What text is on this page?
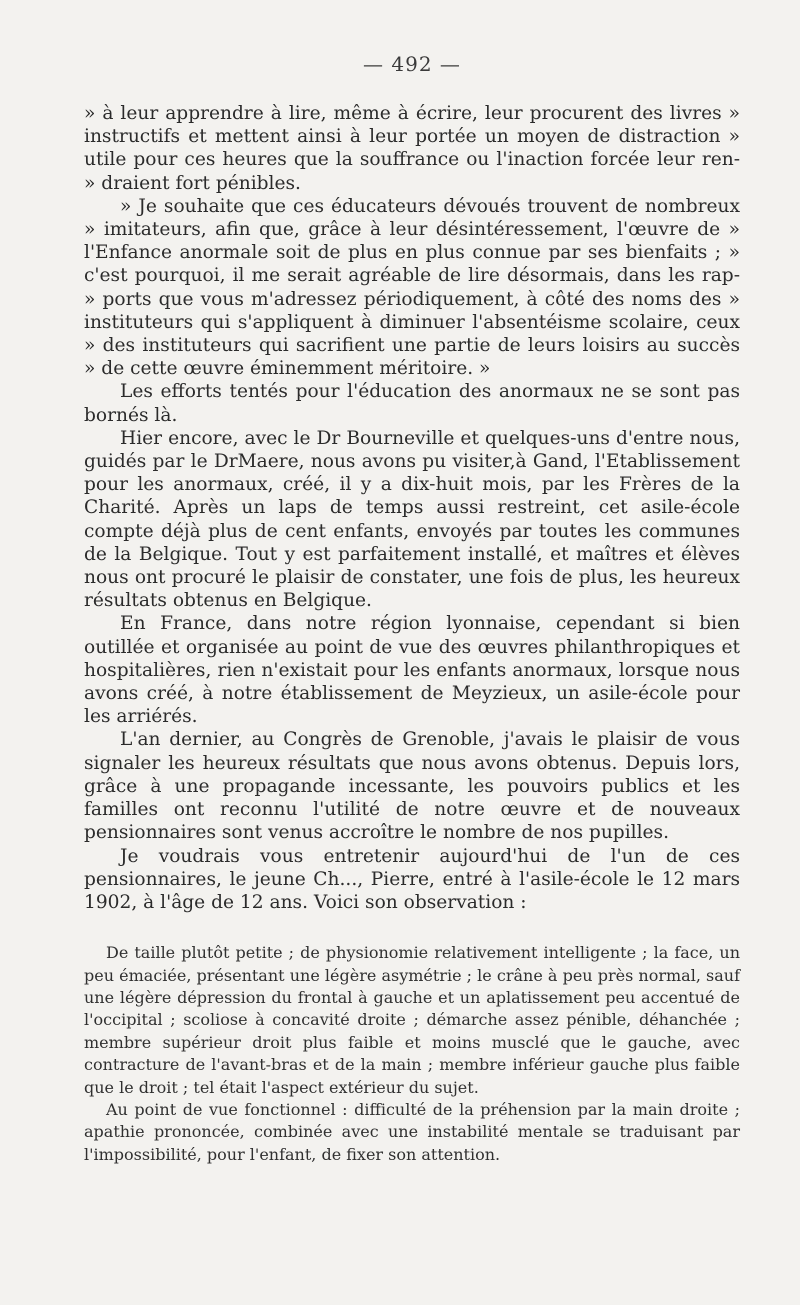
— 492 —

» à leur apprendre à lire, même à écrire, leur procurent des livres » instructifs et mettent ainsi à leur portée un moyen de distraction » utile pour ces heures que la souffrance ou l'inaction forcée leur ren- » draient fort pénibles.

» Je souhaite que ces éducateurs dévoués trouvent de nombreux » imitateurs, afin que, grâce à leur désintéressement, l'œuvre de » l'Enfance anormale soit de plus en plus connue par ses bienfaits ; » c'est pourquoi, il me serait agréable de lire désormais, dans les rap- » ports que vous m'adressez périodiquement, à côté des noms des » instituteurs qui s'appliquent à diminuer l'absentéisme scolaire, ceux » des instituteurs qui sacrifient une partie de leurs loisirs au succès » de cette œuvre éminemment méritoire. »

Les efforts tentés pour l'éducation des anormaux ne se sont pas bornés là.

Hier encore, avec le Dr Bourneville et quelques-uns d'entre nous, guidés par le DrMaere, nous avons pu visiter,à Gand, l'Etablissement pour les anormaux, créé, il y a dix-huit mois, par les Frères de la Charité. Après un laps de temps aussi restreint, cet asile-école compte déjà plus de cent enfants, envoyés par toutes les communes de la Belgique. Tout y est parfaitement installé, et maîtres et élèves nous ont procuré le plaisir de constater, une fois de plus, les heureux résultats obtenus en Belgique.

En France, dans notre région lyonnaise, cependant si bien outillée et organisée au point de vue des œuvres philanthropiques et hospitalières, rien n'existait pour les enfants anormaux, lorsque nous avons créé, à notre établissement de Meyzieux, un asile-école pour les arriérés.

L'an dernier, au Congrès de Grenoble, j'avais le plaisir de vous signaler les heureux résultats que nous avons obtenus. Depuis lors, grâce à une propagande incessante, les pouvoirs publics et les familles ont reconnu l'utilité de notre œuvre et de nouveaux pensionnaires sont venus accroître le nombre de nos pupilles.

Je voudrais vous entretenir aujourd'hui de l'un de ces pensionnaires, le jeune Ch..., Pierre, entré à l'asile-école le 12 mars 1902, à l'âge de 12 ans. Voici son observation :

De taille plutôt petite ; de physionomie relativement intelligente ; la face, un peu émaciée, présentant une légère asymétrie ; le crâne à peu près normal, sauf une légère dépression du frontal à gauche et un aplatissement peu accentué de l'occipital ; scoliose à concavité droite ; démarche assez pénible, déhanchée ; membre supérieur droit plus faible et moins musclé que le gauche, avec contracture de l'avant-bras et de la main ; membre inférieur gauche plus faible que le droit ; tel était l'aspect extérieur du sujet.

Au point de vue fonctionnel : difficulté de la préhension par la main droite ; apathie prononcée, combinée avec une instabilité mentale se traduisant par l'impossibilité, pour l'enfant, de fixer son attention.
